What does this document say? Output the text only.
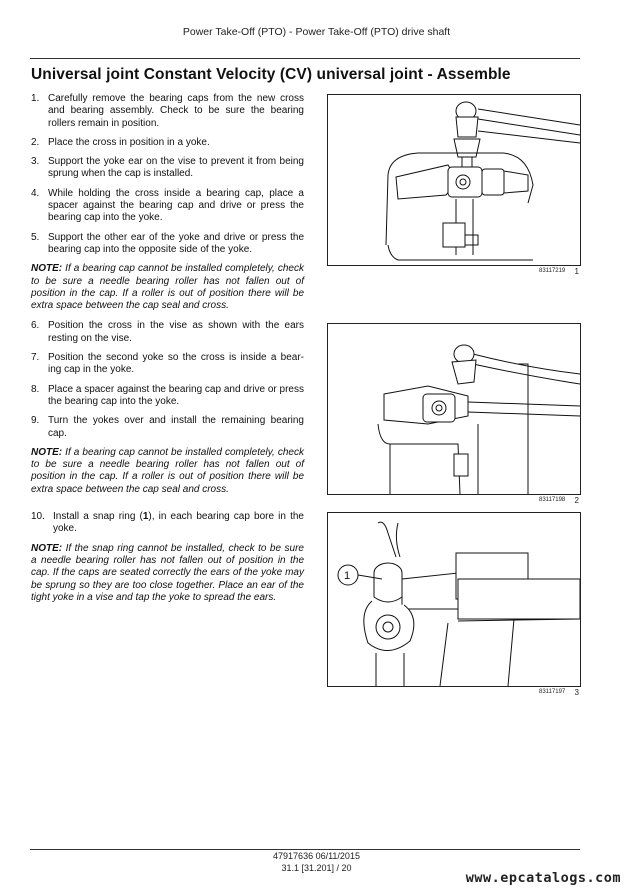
Power Take-Off (PTO) - Power Take-Off (PTO) drive shaft
Universal joint Constant Velocity (CV) universal joint - Assemble
1. Carefully remove the bearing caps from the new cross and bearing assembly. Check to be sure the bearing rollers remain in position.
2. Place the cross in position in a yoke.
3. Support the yoke ear on the vise to prevent it from being sprung when the cap is installed.
4. While holding the cross inside a bearing cap, place a spacer against the bearing cap and drive or press the bearing cap into the yoke.
5. Support the other ear of the yoke and drive or press the bearing cap into the opposite side of the yoke.

NOTE: If a bearing cap cannot be installed completely, check to be sure a needle bearing roller has not fallen out of position in the cap. If a roller is out of position there will be extra space between the cap seal and cross.

6. Position the cross in the vise as shown with the ears resting on the vise.
7. Position the second yoke so the cross is inside a bear- ing cap in the yoke.
8. Place a spacer against the bearing cap and drive or press the bearing cap into the yoke.
9. Turn the yokes over and install the remaining bearing cap.

NOTE: If a bearing cap cannot be installed completely, check to be sure a needle bearing roller has not fallen out of position in the cap. If a roller is out of position there will be extra space between the cap seal and cross.

10. Install a snap ring (1), in each bearing cap bore in the yoke.

NOTE: If the snap ring cannot be installed, check to be sure a needle bearing roller has not fallen out of position in the cap. If the caps are seated correctly the ears of the yoke may be sprung so they are too close together. Place an ear of the tight yoke in a vise and tap the yoke to spread the ears.

83117219 1
83117198 2
1
83117197 3
47917636 06/11/2015
31.1 [31.201] / 20
www.epcatalogs.com
